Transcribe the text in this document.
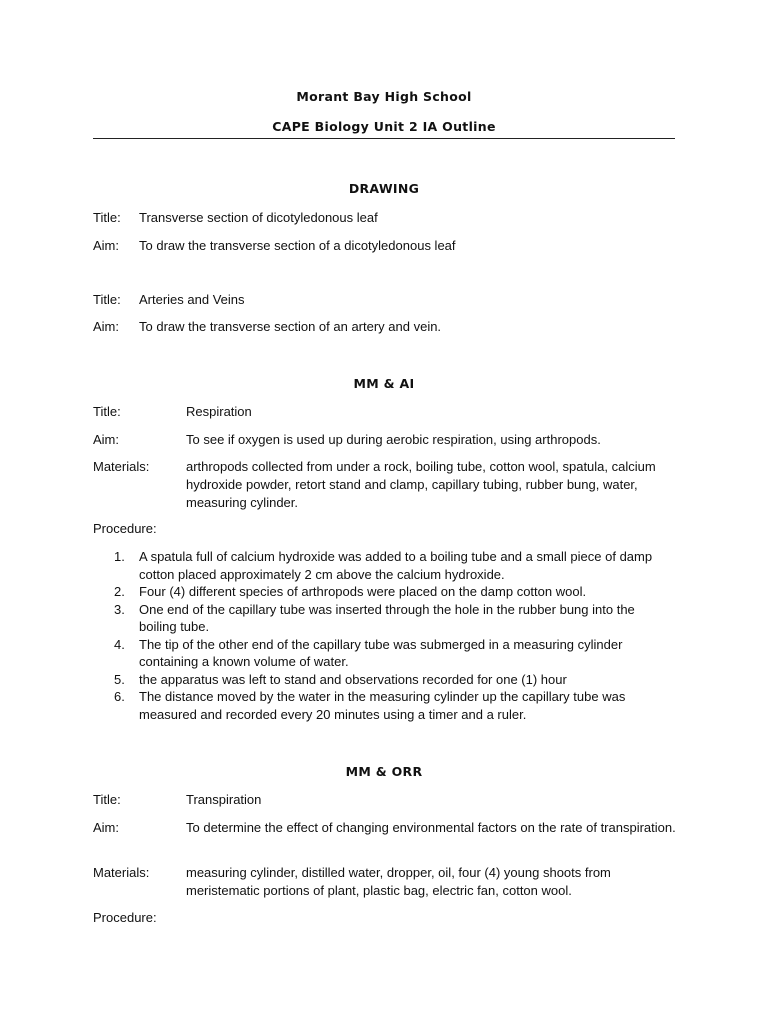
Morant Bay High School
CAPE Biology Unit 2 IA Outline
DRAWING
Title: Transverse section of dicotyledonous leaf
Aim: To draw the transverse section of a dicotyledonous leaf
Title: Arteries and Veins
Aim: To draw the transverse section of an artery and vein.
MM & AI
Title:	Respiration
Aim:	To see if oxygen is used up during aerobic respiration, using arthropods.
Materials:	arthropods collected from under a rock, boiling tube, cotton wool, spatula, calcium hydroxide powder, retort stand and clamp, capillary tubing, rubber bung, water, measuring cylinder.
Procedure:
1. A spatula full of calcium hydroxide was added to a boiling tube and a small piece of damp cotton placed approximately 2 cm above the calcium hydroxide.
2. Four (4) different species of arthropods were placed on the damp cotton wool.
3. One end of the capillary tube was inserted through the hole in the rubber bung into the boiling tube.
4. The tip of the other end of the capillary tube was submerged in a measuring cylinder containing a known volume of water.
5. the apparatus was left to stand and observations recorded for one (1) hour
6. The distance moved by the water in the measuring cylinder up the capillary tube was measured and recorded every 20 minutes using a timer and a ruler.
MM & ORR
Title:	Transpiration
Aim:	To determine the effect of changing environmental factors on the rate of transpiration.
Materials:	measuring cylinder, distilled water, dropper, oil, four (4) young shoots from meristematic portions of plant, plastic bag, electric fan, cotton wool.
Procedure:
